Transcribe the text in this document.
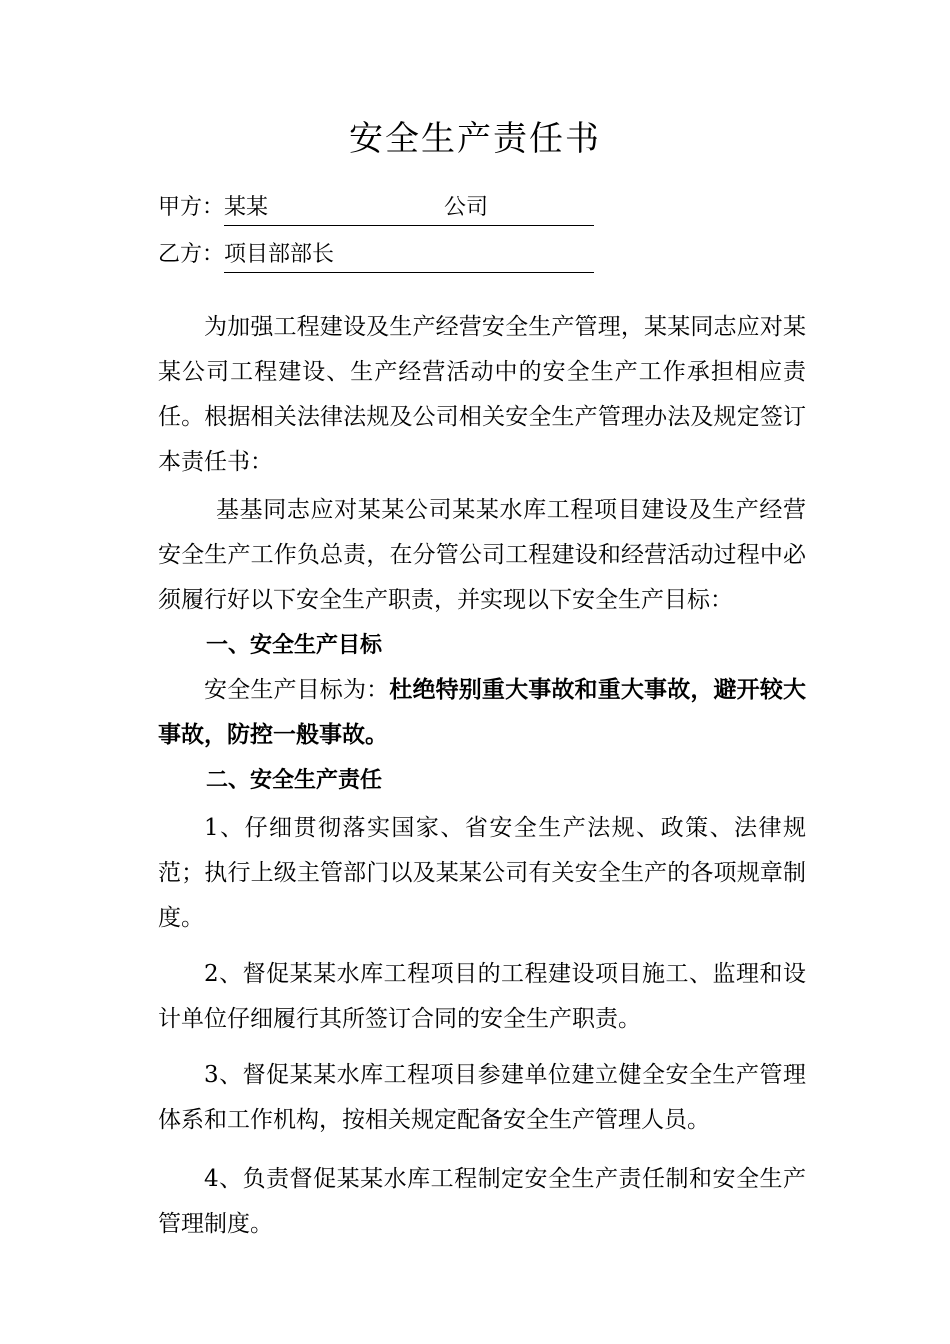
安全生产责任书
甲方： 某某	公司
乙方： 项目部部长

为加强工程建设及生产经营安全生产管理，某某同志应对某某公司工程建设、生产经营活动中的安全生产工作承担相应责任。根据相关法律法规及公司相关安全生产管理办法及规定签订本责任书：

基基同志应对某某公司某某水库工程项目建设及生产经营安全生产工作负总责，在分管公司工程建设和经营活动过程中必须履行好以下安全生产职责，并实现以下安全生产目标：

一、安全生产目标

安全生产目标为：杜绝特别重大事故和重大事故，避开较大事故，防控一般事故。

二、安全生产责任

1、仔细贯彻落实国家、省安全生产法规、政策、法律规范；执行上级主管部门以及某某公司有关安全生产的各项规章制度。

2、督促某某水库工程项目的工程建设项目施工、监理和设计单位仔细履行其所签订合同的安全生产职责。

3、督促某某水库工程项目参建单位建立健全安全生产管理体系和工作机构，按相关规定配备安全生产管理人员。

4、负责督促某某水库工程制定安全生产责任制和安全生产管理制度。
